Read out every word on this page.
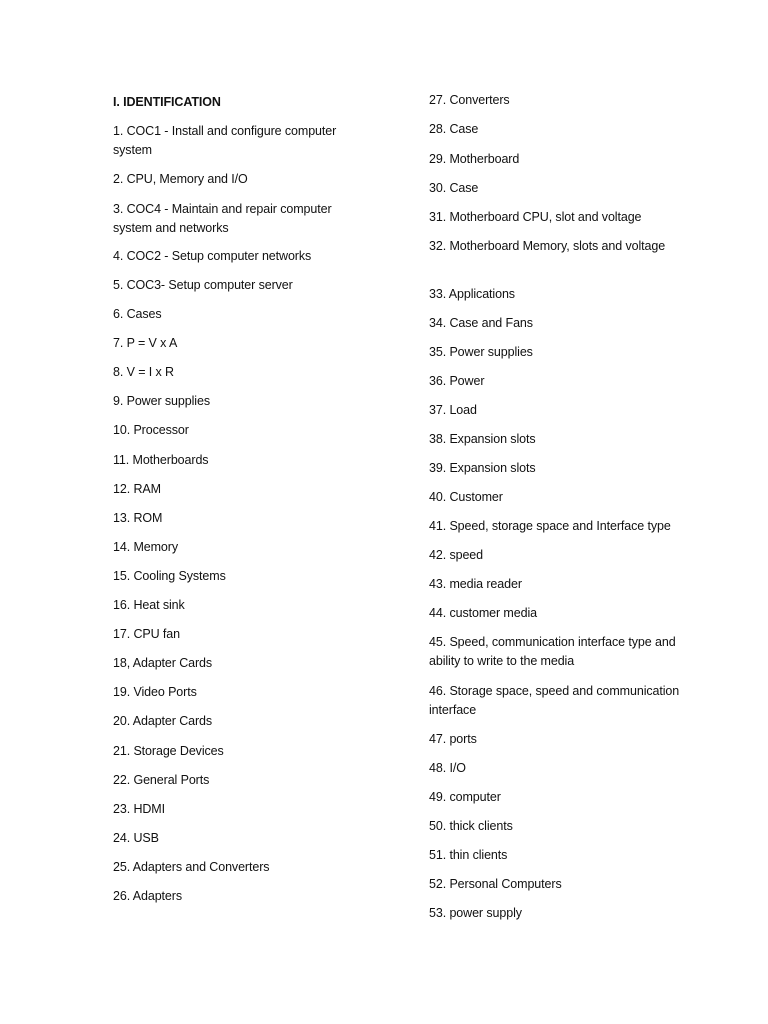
I. IDENTIFICATION
1. COC1 - Install and configure computer system
2. CPU, Memory and I/O
3. COC4 - Maintain and repair computer system and networks
4. COC2 - Setup computer networks
5. COC3- Setup computer server
6. Cases
7. P = V x A
8. V = I x R
9. Power supplies
10. Processor
11. Motherboards
12. RAM
13. ROM
14. Memory
15. Cooling Systems
16. Heat sink
17. CPU fan
18, Adapter Cards
19. Video Ports
20. Adapter Cards
21. Storage Devices
22. General Ports
23. HDMI
24. USB
25. Adapters and Converters
26. Adapters
27. Converters
28. Case
29. Motherboard
30. Case
31. Motherboard CPU, slot and voltage
32. Motherboard Memory, slots and voltage
33. Applications
34. Case and Fans
35. Power supplies
36. Power
37. Load
38. Expansion slots
39. Expansion slots
40. Customer
41. Speed, storage space and Interface type
42. speed
43. media reader
44. customer media
45. Speed, communication interface type and ability to write to the media
46. Storage space, speed and communication interface
47. ports
48. I/O
49. computer
50. thick clients
51. thin clients
52. Personal Computers
53. power supply
